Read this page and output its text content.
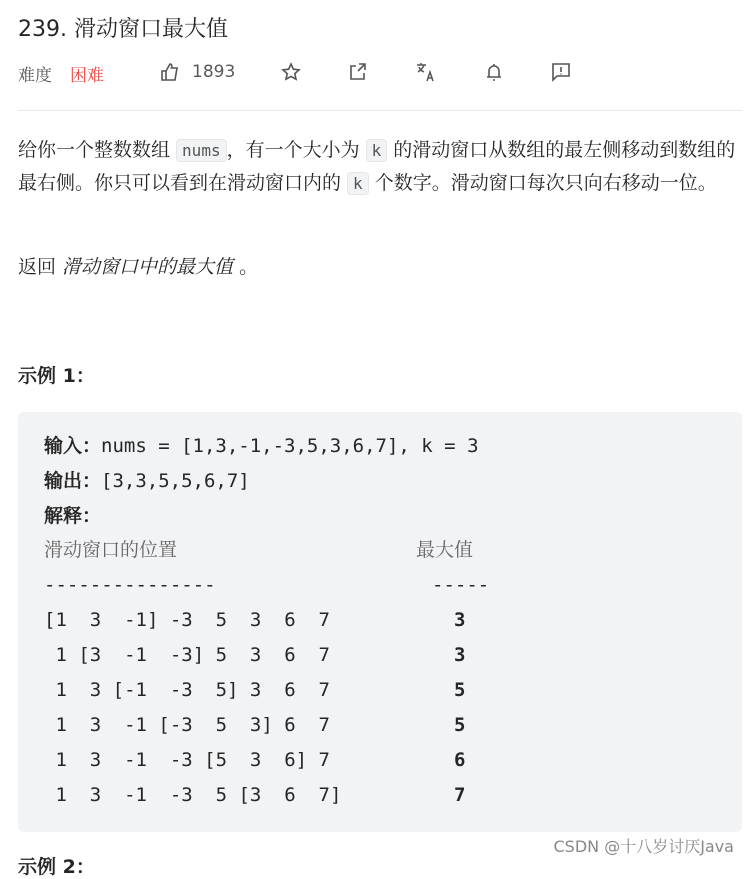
239. 滑动窗口最大值
难度 困难	1893
给你一个整数数组 nums ，有一个大小为 k 的滑动窗口从数组的最左侧移动到数组的最右侧。你只可以看到在滑动窗口内的 k 个数字。滑动窗口每次只向右移动一位。
返回 滑动窗口中的最大值 。
示例 1：
输入：nums = [1,3,-1,-3,5,3,6,7], k = 3
输出：[3,3,5,5,6,7]
解释：
滑动窗口的位置	最大值
---------------	-----
[1  3  -1] -3  5  3  6  7	3
1 [3  -1  -3] 5  3  6  7	3
1  3 [-1  -3  5] 3  6  7	5
1  3  -1 [-3  5  3] 6  7	5
1  3  -1  -3 [5  3  6] 7	6
1  3  -1  -3  5 [3  6  7]	7
示例 2：
CSDN @十八岁讨厌Java
